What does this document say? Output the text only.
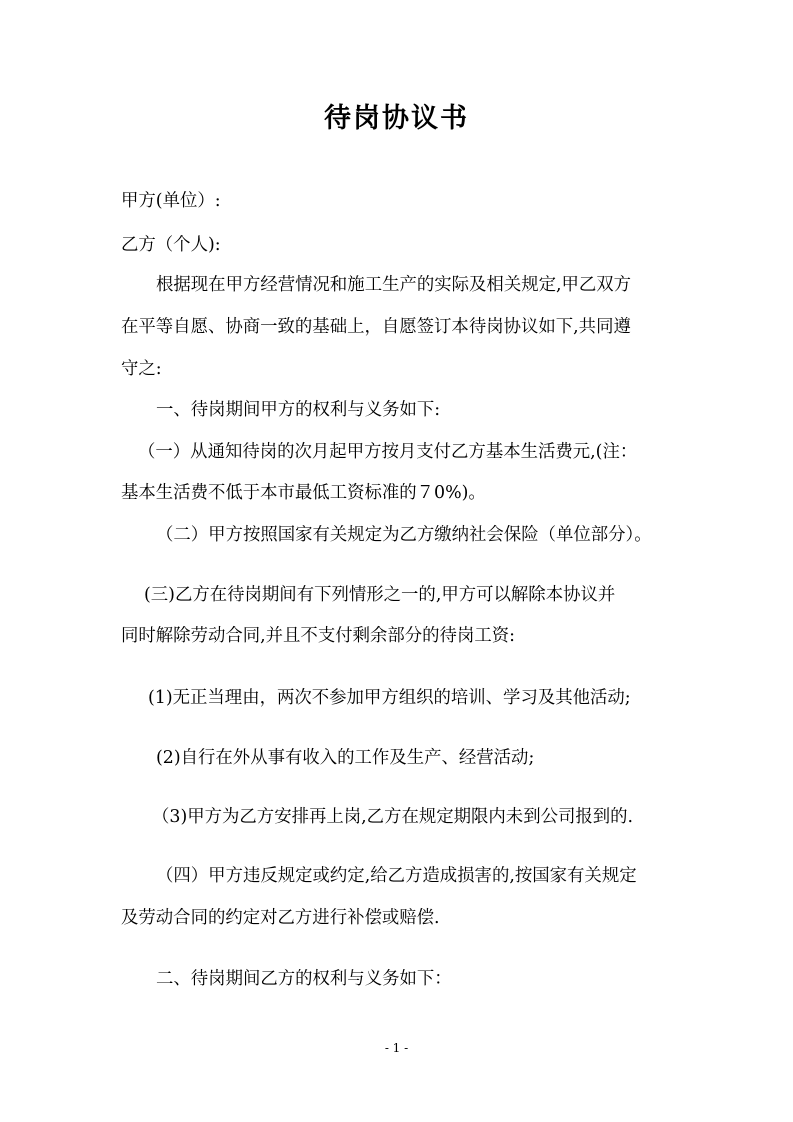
待岗协议书
甲方(单位）:
乙方（个人):
根据现在甲方经营情况和施工生产的实际及相关规定,甲乙双方
在平等自愿、协商一致的基础上，自愿签订本待岗协议如下,共同遵
守之:
一、待岗期间甲方的权利与义务如下:
（一）从通知待岗的次月起甲方按月支付乙方基本生活费元,(注：
基本生活费不低于本市最低工资标准的７0%)。
（二）甲方按照国家有关规定为乙方缴纳社会保险（单位部分）。
(三)乙方在待岗期间有下列情形之一的,甲方可以解除本协议并
同时解除劳动合同,并且不支付剩余部分的待岗工资:
(1)无正当理由，两次不参加甲方组织的培训、学习及其他活动;
(2)自行在外从事有收入的工作及生产、经营活动;
（3)甲方为乙方安排再上岗,乙方在规定期限内未到公司报到的.
（四）甲方违反规定或约定,给乙方造成损害的,按国家有关规定
及劳动合同的约定对乙方进行补偿或赔偿.
二、待岗期间乙方的权利与义务如下：
- 1 -
